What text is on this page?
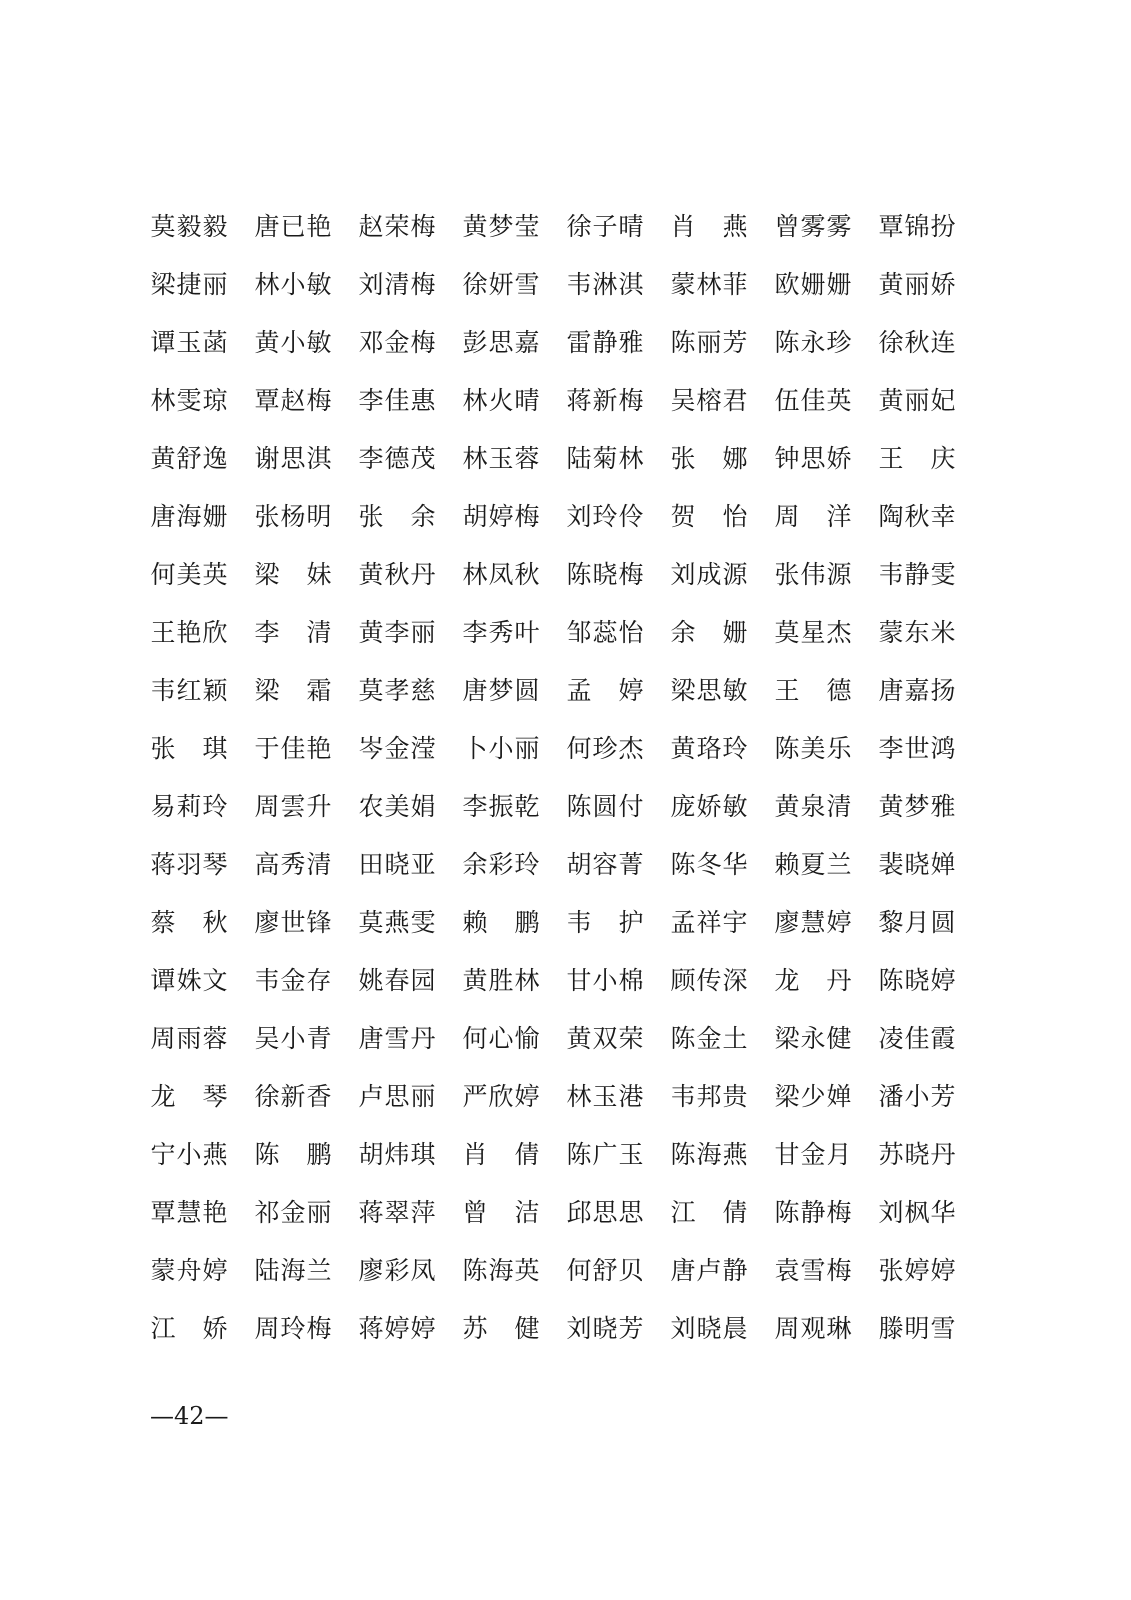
莫 毅 毅 唐 已 艳 赵 荣 梅 黄 梦 莹 徐 子 晴 肖 燕 曾 雾 雾 覃 锦 扮
梁 捷 丽 林 小 敏 刘 清 梅 徐 妍 雪 韦 淋 淇 蒙 林 菲 欧 姗 姗 黄 丽 娇
谭 玉 菡 黄 小 敏 邓 金 梅 彭 思 嘉 雷 静 雅 陈 丽 芳 陈 永 珍 徐 秋 连
林 雯 琼 覃 赵 梅 李 佳 惠 林 火 晴 蒋 新 梅 吴 榕 君 伍 佳 英 黄 丽 妃
黄 舒 逸 谢 思 淇 李 德 茂 林 玉 蓉 陆 菊 林 张 娜 钟 思 娇 王 庆
唐 海 姗 张 杨 明 张 余 胡 婷 梅 刘 玲 伶 贺 怡 周 洋 陶 秋 幸
何 美 英 梁 妹 黄 秋 丹 林 凤 秋 陈 晓 梅 刘 成 源 张 伟 源 韦 静 雯
王 艳 欣 李 清 黄 李 丽 李 秀 叶 邹 蕊 怡 余 姗 莫 星 杰 蒙 东 米
韦 红 颖 梁 霜 莫 孝 慈 唐 梦 圆 孟 婷 梁 思 敏 王 德 唐 嘉 扬
张 琪 于 佳 艳 岑 金 滢 卜 小 丽 何 珍 杰 黄 珞 玲 陈 美 乐 李 世 鸿
易 莉 玲 周 雲 升 农 美 娟 李 振 乾 陈 圆 付 庞 娇 敏 黄 泉 清 黄 梦 雅
蒋 羽 琴 高 秀 清 田 晓 亚 余 彩 玲 胡 容 菁 陈 冬 华 赖 夏 兰 裴 晓 婵
蔡 秋 廖 世 锋 莫 燕 雯 赖 鹏 韦 护 孟 祥 宇 廖 慧 婷 黎 月 圆
谭 姝 文 韦 金 存 姚 春 园 黄 胜 林 甘 小 棉 顾 传 深 龙 丹 陈 晓 婷
周 雨 蓉 吴 小 青 唐 雪 丹 何 心 愉 黄 双 荣 陈 金 土 梁 永 健 凌 佳 霞
龙 琴 徐 新 香 卢 思 丽 严 欣 婷 林 玉 港 韦 邦 贵 梁 少 婵 潘 小 芳
宁 小 燕 陈 鹏 胡 炜 琪 肖 倩 陈 广 玉 陈 海 燕 甘 金 月 苏 晓 丹
覃 慧 艳 祁 金 丽 蒋 翠 萍 曾 洁 邱 思 思 江 倩 陈 静 梅 刘 枫 华
蒙 舟 婷 陆 海 兰 廖 彩 凤 陈 海 英 何 舒 贝 唐 卢 静 袁 雪 梅 张 婷 婷
江 娇 周 玲 梅 蒋 婷 婷 苏 健 刘 晓 芳 刘 晓 晨 周 观 琳 滕 明 雪
—42—
